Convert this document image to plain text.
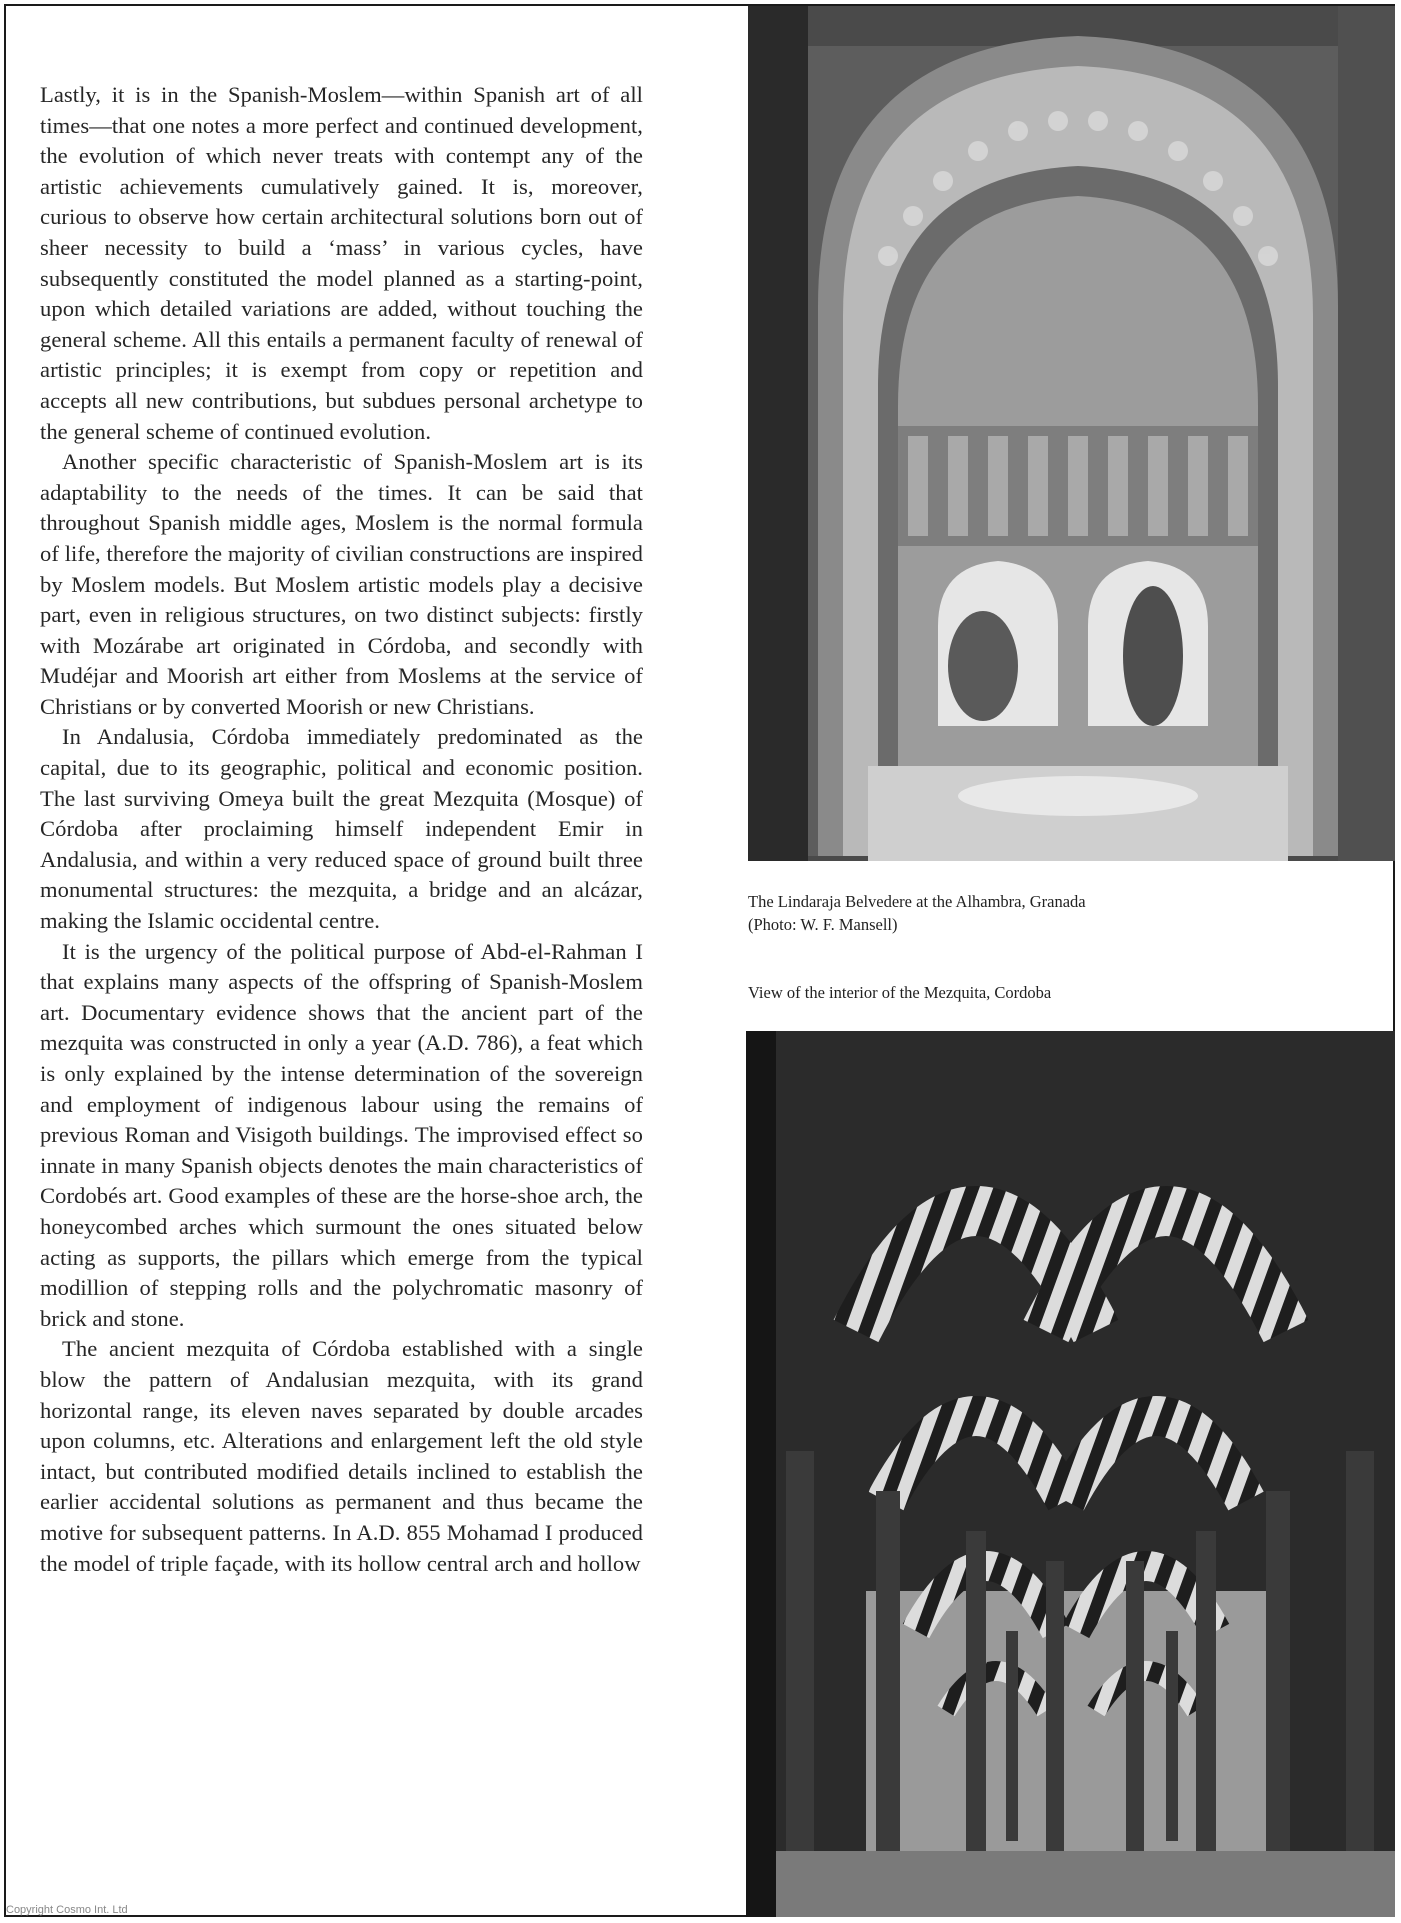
Lastly, it is in the Spanish-Moslem—within Spanish art of all times—that one notes a more perfect and continued development, the evolution of which never treats with contempt any of the artistic achievements cumulatively gained. It is, moreover, curious to observe how certain architectural solutions born out of sheer necessity to build a ‘mass’ in various cycles, have subsequently constituted the model planned as a starting-point, upon which detailed variations are added, without touching the general scheme. All this entails a permanent faculty of renewal of artistic principles; it is exempt from copy or repetition and accepts all new contributions, but subdues personal archetype to the general scheme of continued evolution.

Another specific characteristic of Spanish-Moslem art is its adaptability to the needs of the times. It can be said that throughout Spanish middle ages, Moslem is the normal formula of life, therefore the majority of civilian constructions are inspired by Moslem models. But Moslem artistic models play a decisive part, even in religious structures, on two distinct subjects: firstly with Mozárabe art originated in Córdoba, and secondly with Mudéjar and Moorish art either from Moslems at the service of Christians or by converted Moorish or new Christians.

In Andalusia, Córdoba immediately predominated as the capital, due to its geographic, political and economic position. The last surviving Omeya built the great Mezquita (Mosque) of Córdoba after proclaiming himself independent Emir in Andalusia, and within a very reduced space of ground built three monumental structures: the mezquita, a bridge and an alcázar, making the Islamic occidental centre.

It is the urgency of the political purpose of Abd-el-Rahman I that explains many aspects of the offspring of Spanish-Moslem art. Documentary evidence shows that the ancient part of the mezquita was constructed in only a year (A.D. 786), a feat which is only explained by the intense determination of the sovereign and employment of indigenous labour using the remains of previous Roman and Visigoth buildings. The improvised effect so innate in many Spanish objects denotes the main characteristics of Cordobés art. Good examples of these are the horse-shoe arch, the honeycombed arches which surmount the ones situated below acting as supports, the pillars which emerge from the typical modillion of stepping rolls and the polychromatic masonry of brick and stone.

The ancient mezquita of Córdoba established with a single blow the pattern of Andalusian mezquita, with its grand horizontal range, its eleven naves separated by double arcades upon columns, etc. Alterations and enlargement left the old style intact, but contributed modified details inclined to establish the earlier accidental solutions as permanent and thus became the motive for subsequent patterns. In A.D. 855 Mohamad I produced the model of triple façade, with its hollow central arch and hollow

The Lindaraja Belvedere at the Alhambra, Granada
(Photo: W. F. Mansell)
View of the interior of the Mezquita, Cordoba
Copyright Cosmo Int. Ltd
